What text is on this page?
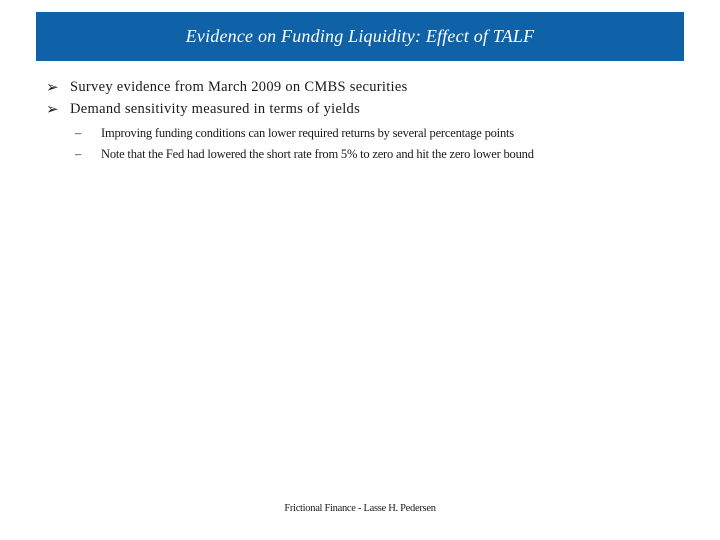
Evidence on Funding Liquidity: Effect of TALF
➢ Survey evidence from March 2009 on CMBS securities
➢ Demand sensitivity measured in terms of yields
–	Improving funding conditions can lower required returns by several percentage points
–	Note that the Fed had lowered the short rate from 5% to zero and hit the zero lower bound
Frictional Finance - Lasse H. Pedersen
